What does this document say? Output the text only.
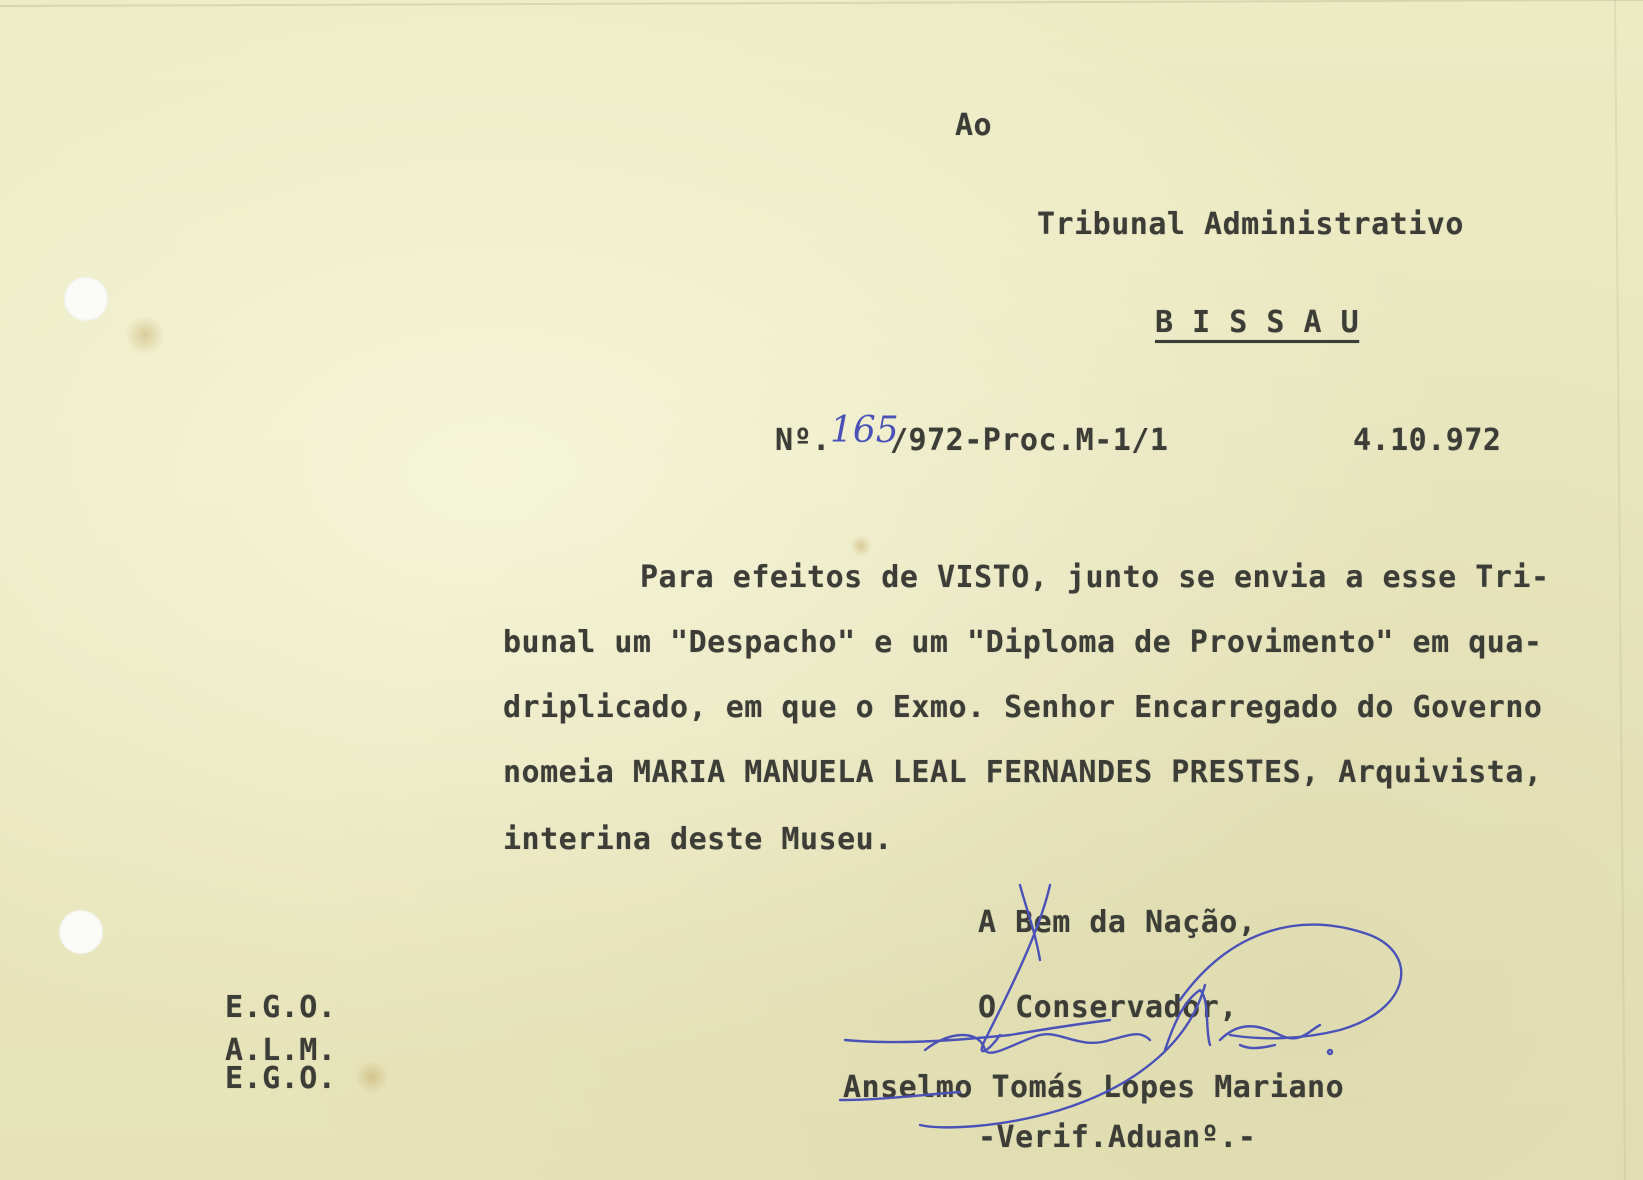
Ao
Tribunal Administrativo
B I S S A U
Nº. 165
/972-Proc.M-1/1	4.10.972
Para efeitos de VISTO, junto se envia a esse Tri-
bunal um "Despacho" e um "Diploma de Provimento" em qua-
driplicado, em que o Exmo. Senhor Encarregado do Governo
nomeia MARIA MANUELA LEAL FERNANDES PRESTES, Arquivista,
interina deste Museu.
A Bem da Nação,
O Conservador,
Anselmo Tomás Lopes Mariano
-Verif.Aduanº.-
E.G.O.
A.L.M.
E.G.O.
